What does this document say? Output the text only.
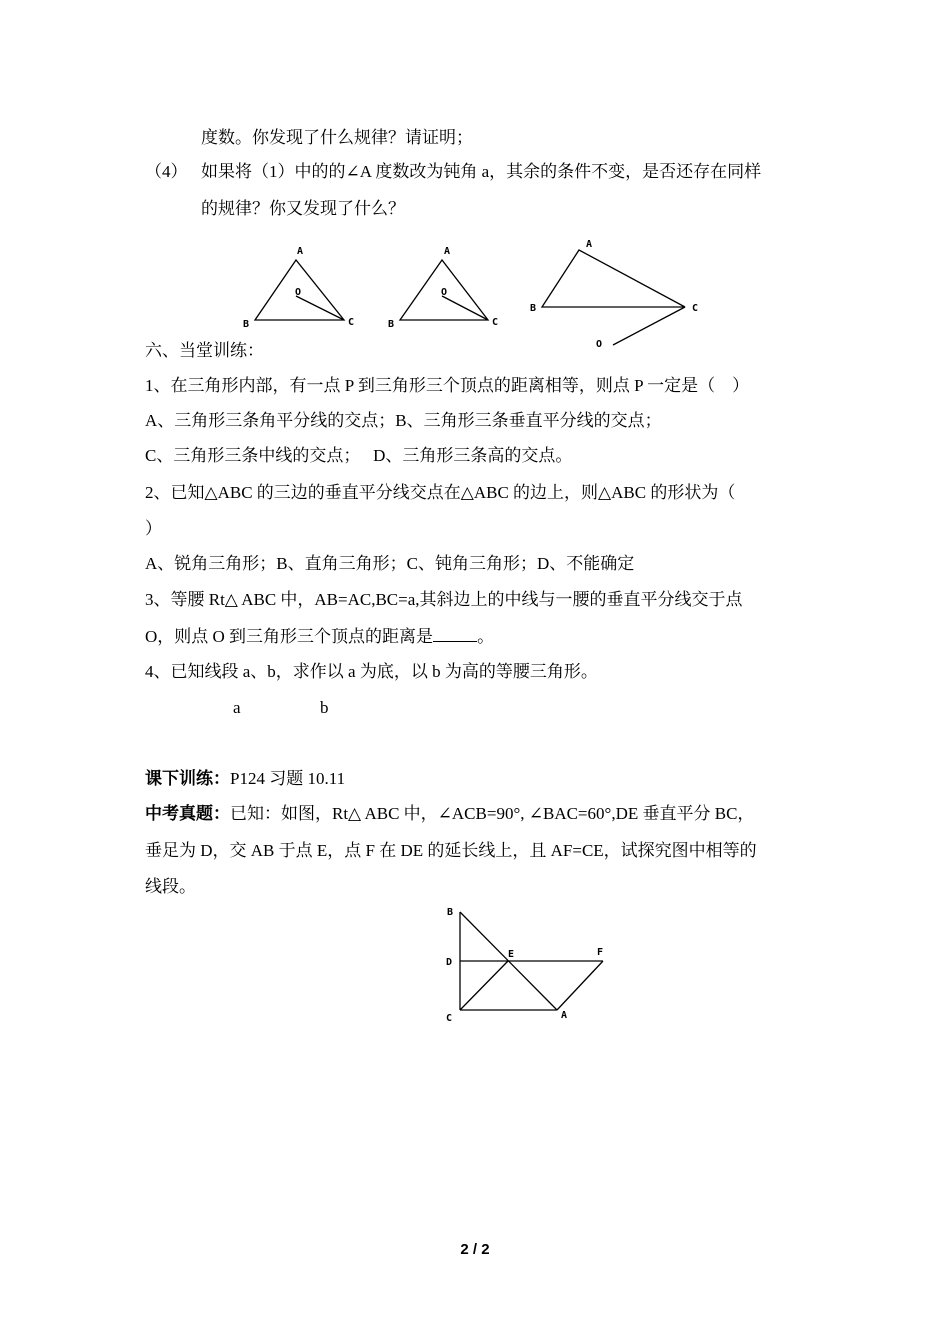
度数。你发现了什么规律？请证明；
（4） 如果将（1）中的的∠A 度数改为钝角 a，其余的条件不变，是否还存在同样
的规律？你又发现了什么？
A
O
B	C
A
O
B	C
A
B	C
O
六、当堂训练：
1、在三角形内部，有一点 P 到三角形三个顶点的距离相等，则点 P 一定是（　）
A、三角形三条角平分线的交点；B、三角形三条垂直平分线的交点；
C、三角形三条中线的交点；　 D、三角形三条高的交点。
2、已知△ABC 的三边的垂直平分线交点在△ABC 的边上，则△ABC 的形状为（
）
A、锐角三角形；B、直角三角形；C、钝角三角形；D、不能确定
3、等腰 Rt△ ABC 中，AB=AC,BC=a,其斜边上的中线与一腰的垂直平分线交于点
O，则点 O 到三角形三个顶点的距离是	。
4、已知线段 a、b，求作以 a 为底，以 b 为高的等腰三角形。
a	b
课下训练：P124 习题 10.11
中考真题：已知：如图，Rt△ ABC 中，∠ACB=90°, ∠BAC=60°,DE 垂直平分 BC，
垂足为 D，交 AB 于点 E，点 F 在 DE 的延长线上，且 AF=CE，试探究图中相等的
线段。
B
D
E	F
C	A
2 / 2
